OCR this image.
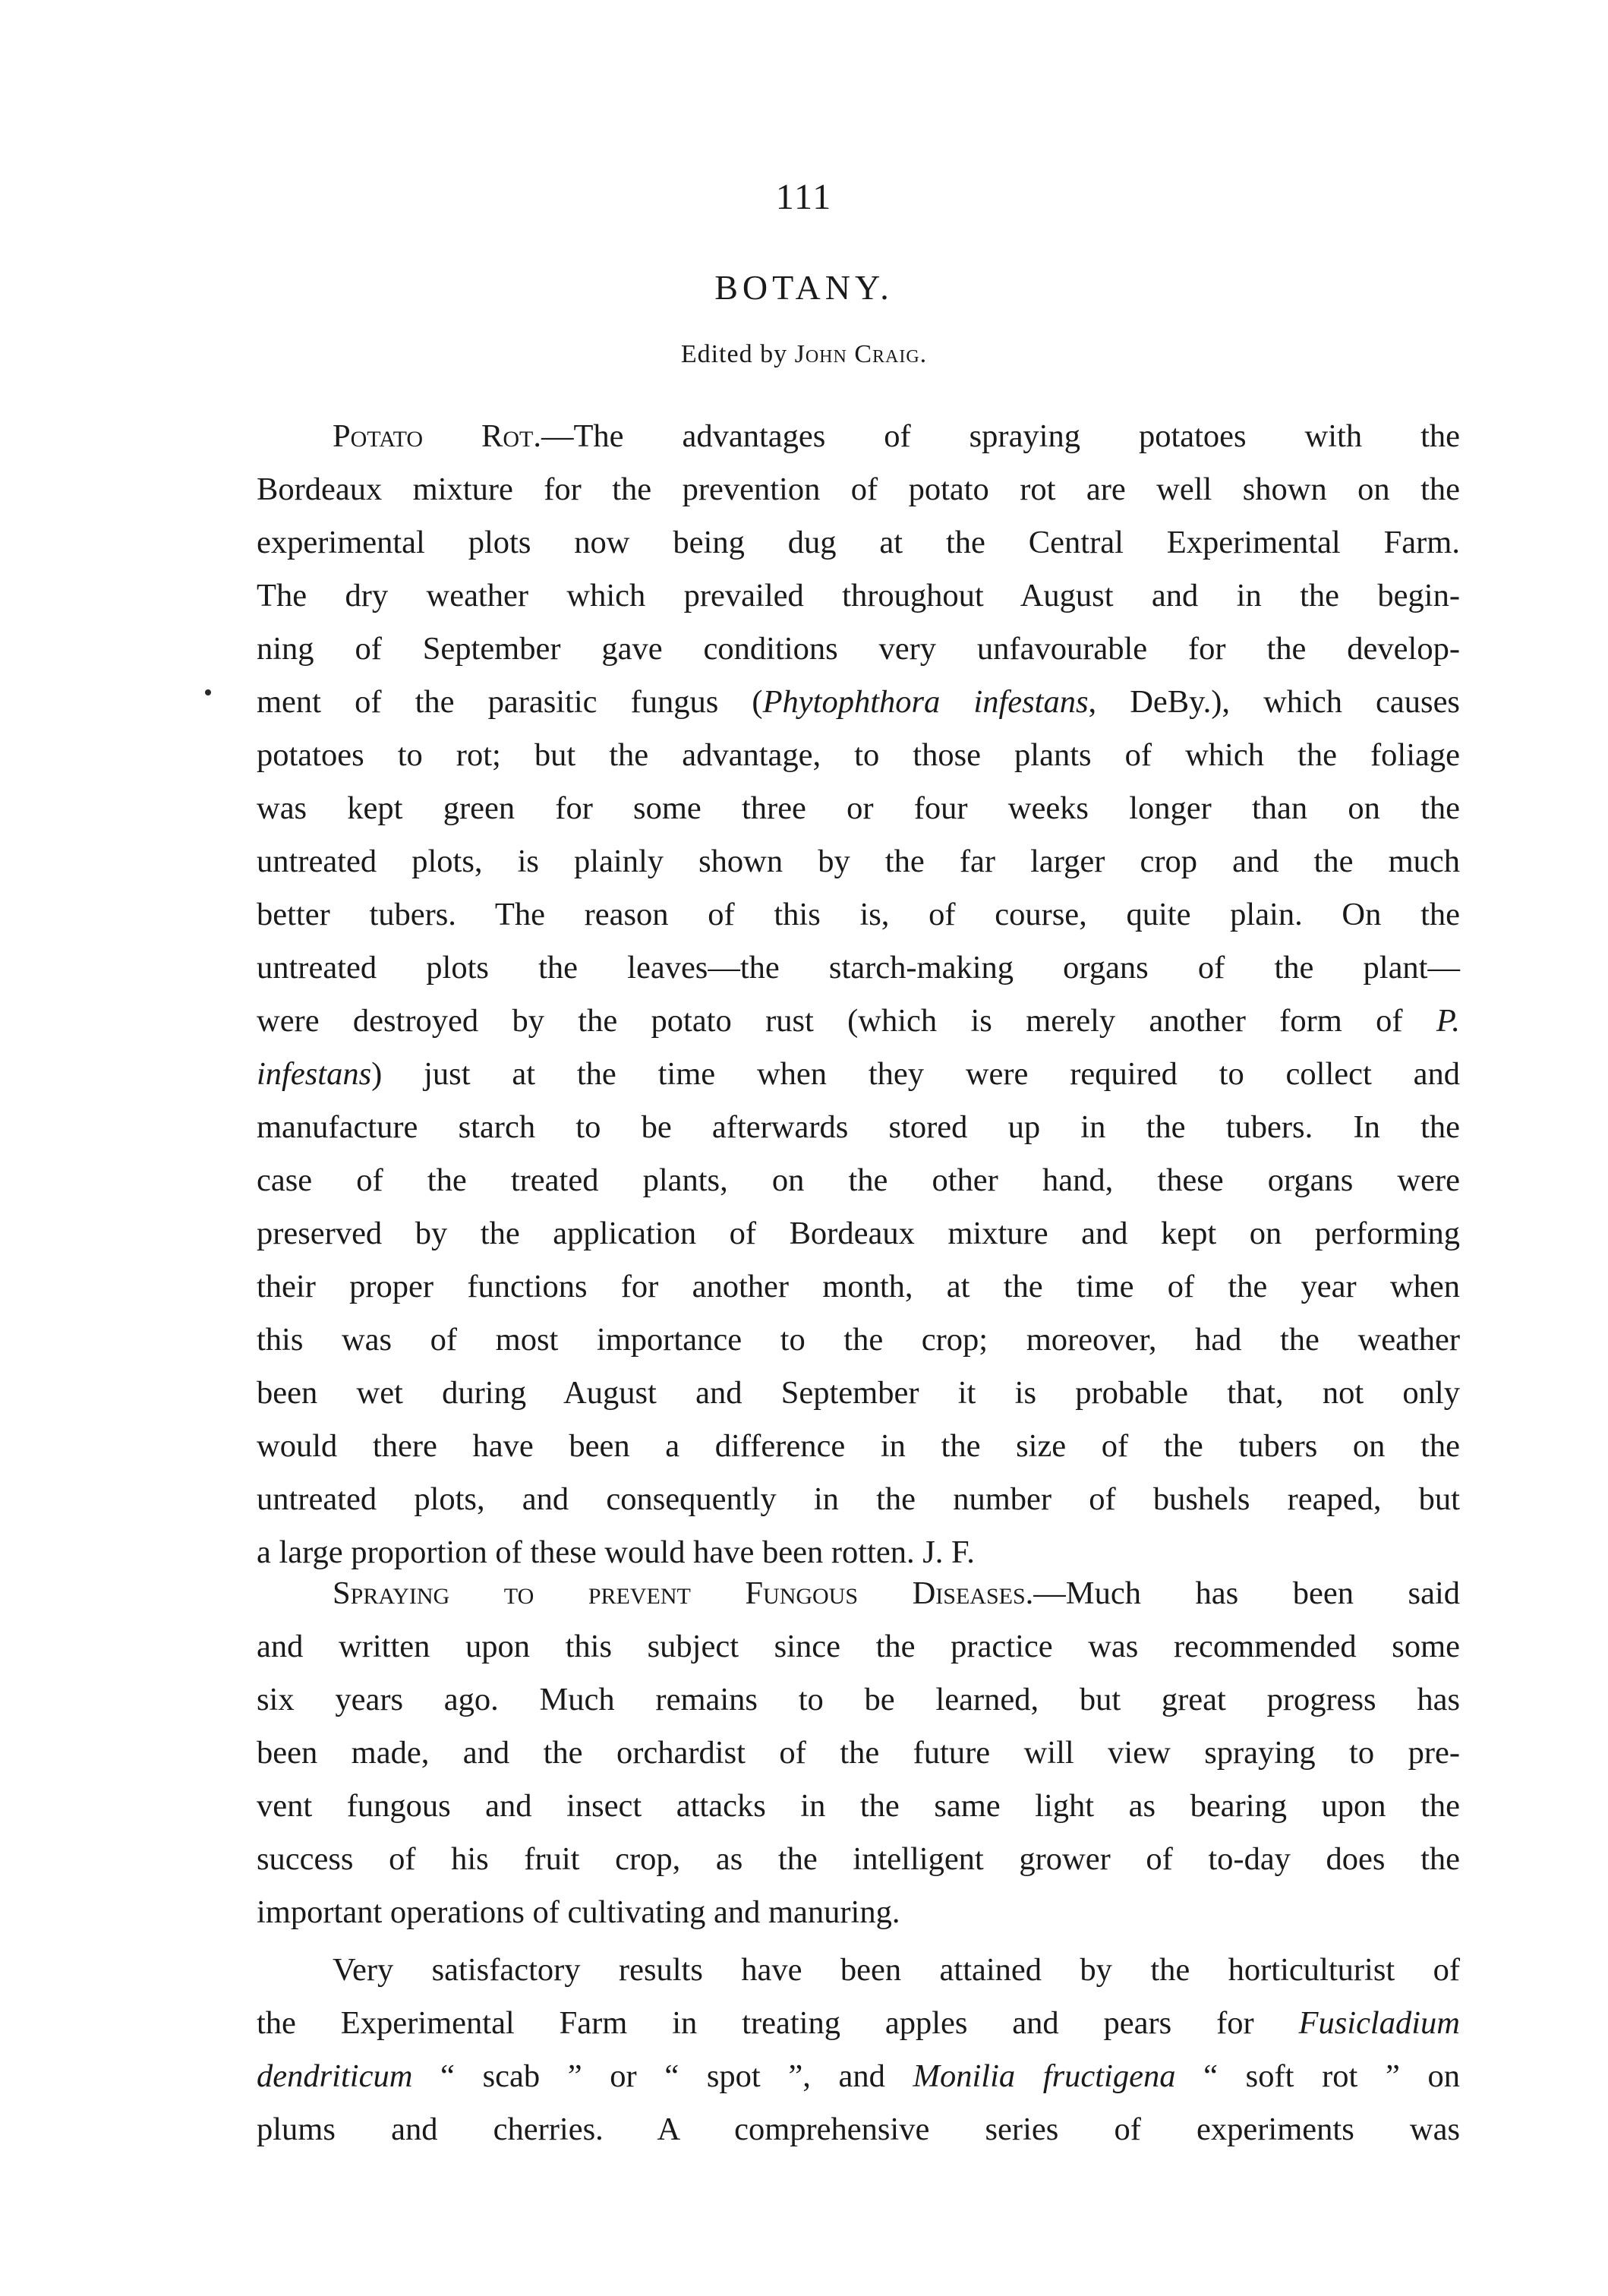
111
BOTANY.
Edited by John Craig.
Potato Rot.—The advantages of spraying potatoes with the
Bordeaux mixture for the prevention of potato rot are well shown on the
experimental plots now being dug at the Central Experimental Farm.
The dry weather which prevailed throughout August and in the begin-
ning of September gave conditions very unfavourable for the develop-
ment of the parasitic fungus (Phytophthora infestans, DeBy.), which causes
potatoes to rot; but the advantage, to those plants of which the foliage
was kept green for some three or four weeks longer than on the
untreated plots, is plainly shown by the far larger crop and the much
better tubers. The reason of this is, of course, quite plain. On the
untreated plots the leaves—the starch-making organs of the plant—
were destroyed by the potato rust (which is merely another form of P.
infestans) just at the time when they were required to collect and
manufacture starch to be afterwards stored up in the tubers. In the
case of the treated plants, on the other hand, these organs were
preserved by the application of Bordeaux mixture and kept on performing
their proper functions for another month, at the time of the year when
this was of most importance to the crop; moreover, had the weather
been wet during August and September it is probable that, not only
would there have been a difference in the size of the tubers on the
untreated plots, and consequently in the number of bushels reaped, but
a large proportion of these would have been rotten. J. F.
Spraying to prevent Fungous Diseases.—Much has been said
and written upon this subject since the practice was recommended some
six years ago. Much remains to be learned, but great progress has
been made, and the orchardist of the future will view spraying to pre-
vent fungous and insect attacks in the same light as bearing upon the
success of his fruit crop, as the intelligent grower of to-day does the
important operations of cultivating and manuring.
Very satisfactory results have been attained by the horticulturist of
the Experimental Farm in treating apples and pears for Fusicladium
dendriticum “ scab ” or “ spot ”, and Monilia fructigena “ soft rot ” on
plums and cherries. A comprehensive series of experiments was
